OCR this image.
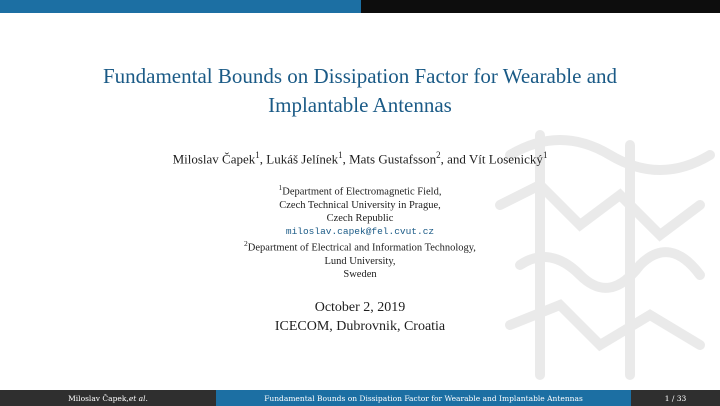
Fundamental Bounds on Dissipation Factor for Wearable and
Implantable Antennas
Miloslav Čapek$^1$, Lukáš Jelínek$^1$, Mats Gustafsson$^2$, and Vít Losenický$^1$
$^1$Department of Electromagnetic Field,
Czech Technical University in Prague,
Czech Republic
miloslav.capek@fel.cvut.cz
$^2$Department of Electrical and Information Technology,
Lund University,
Sweden
October 2, 2019
ICECOM, Dubrovnik, Croatia
Miloslav Čapek, et al.	Fundamental Bounds on Dissipation Factor for Wearable and Implantable Antennas	1 / 33
